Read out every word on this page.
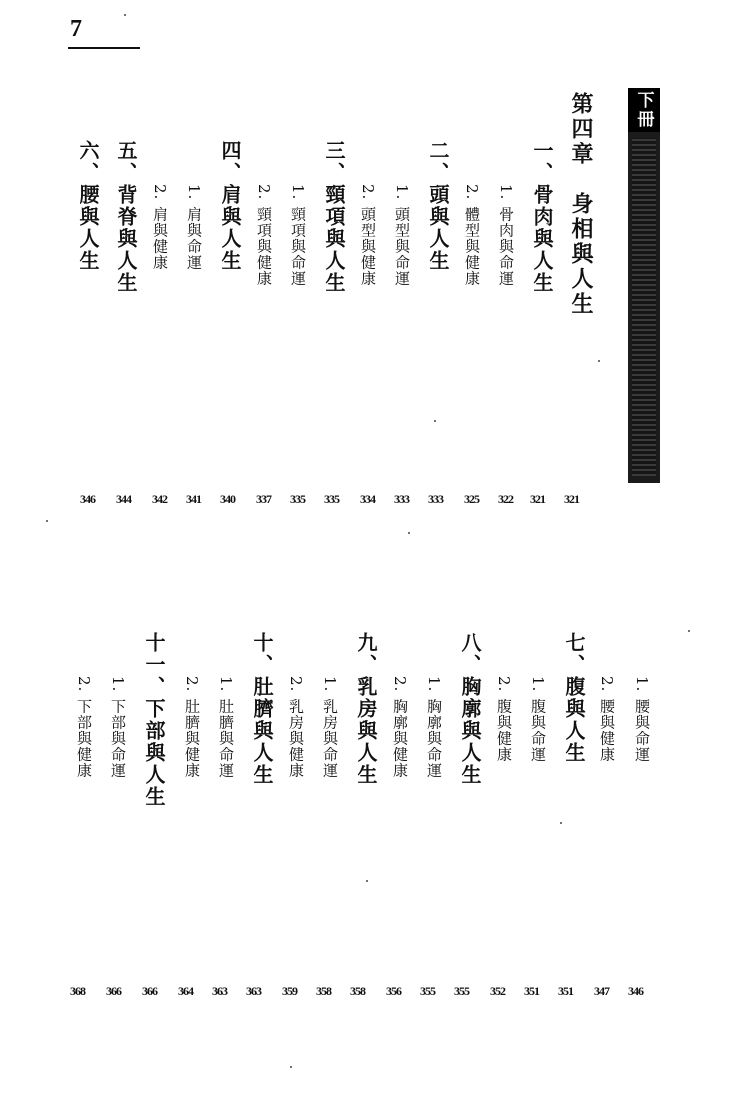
7
下冊
第四章　身相與人生
一、骨肉與人生
1. 骨肉與命運
2. 體型與健康
二、頭與人生
1. 頭型與命運
2. 頭型與健康
三、頸項與人生
1. 頸項與命運
2. 頸項與健康
四、肩與人生
1. 肩與命運
2. 肩與健康
五、背脊與人生
六、腰與人生
1. 腰與命運
2. 腰與健康
七、腹與人生
1. 腹與命運
2. 腹與健康
八、胸廓與人生
1. 胸廓與命運
2. 胸廓與健康
九、乳房與人生
1. 乳房與命運
2. 乳房與健康
十、肚臍與人生
1. 肚臍與命運
2. 肚臍與健康
十一、下部與人生
1. 下部與命運
2. 下部與健康
321
321
322
325
333
333
334
335
335
337
340
341
342
344
346
346
347
351
351
352
355
355
356
358
358
359
363
363
364
366
366
368
